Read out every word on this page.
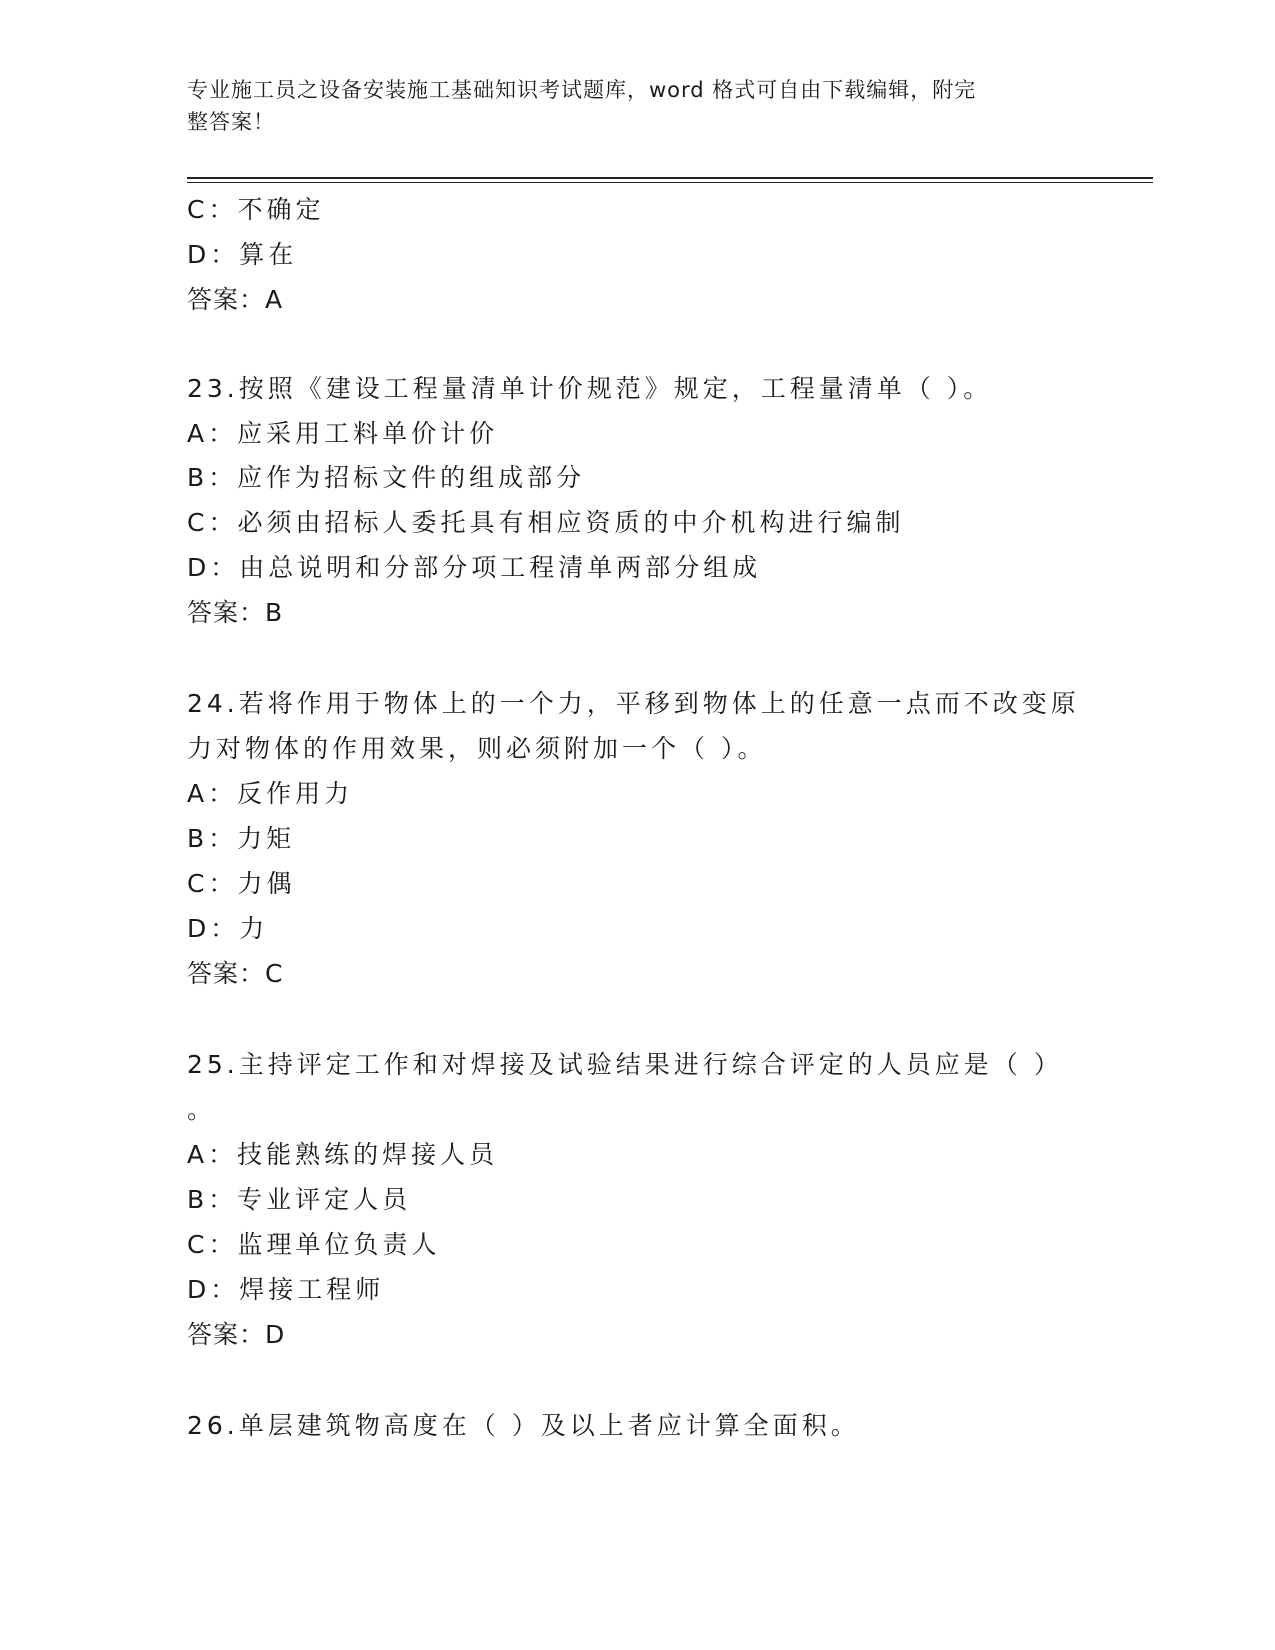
专业施工员之设备安装施工基础知识考试题库，word 格式可自由下载编辑，附完
整答案！
C：不确定
D：算在
答案：A
23.按照《建设工程量清单计价规范》规定，工程量清单（ ）。
A：应采用工料单价计价
B：应作为招标文件的组成部分
C：必须由招标人委托具有相应资质的中介机构进行编制
D：由总说明和分部分项工程清单两部分组成
答案：B
24.若将作用于物体上的一个力，平移到物体上的任意一点而不改变原
力对物体的作用效果，则必须附加一个（ ）。
A：反作用力
B：力矩
C：力偶
D：力
答案：C
25.主持评定工作和对焊接及试验结果进行综合评定的人员应是（ ）
。
A：技能熟练的焊接人员
B：专业评定人员
C：监理单位负责人
D：焊接工程师
答案：D
26.单层建筑物高度在（ ）及以上者应计算全面积。
